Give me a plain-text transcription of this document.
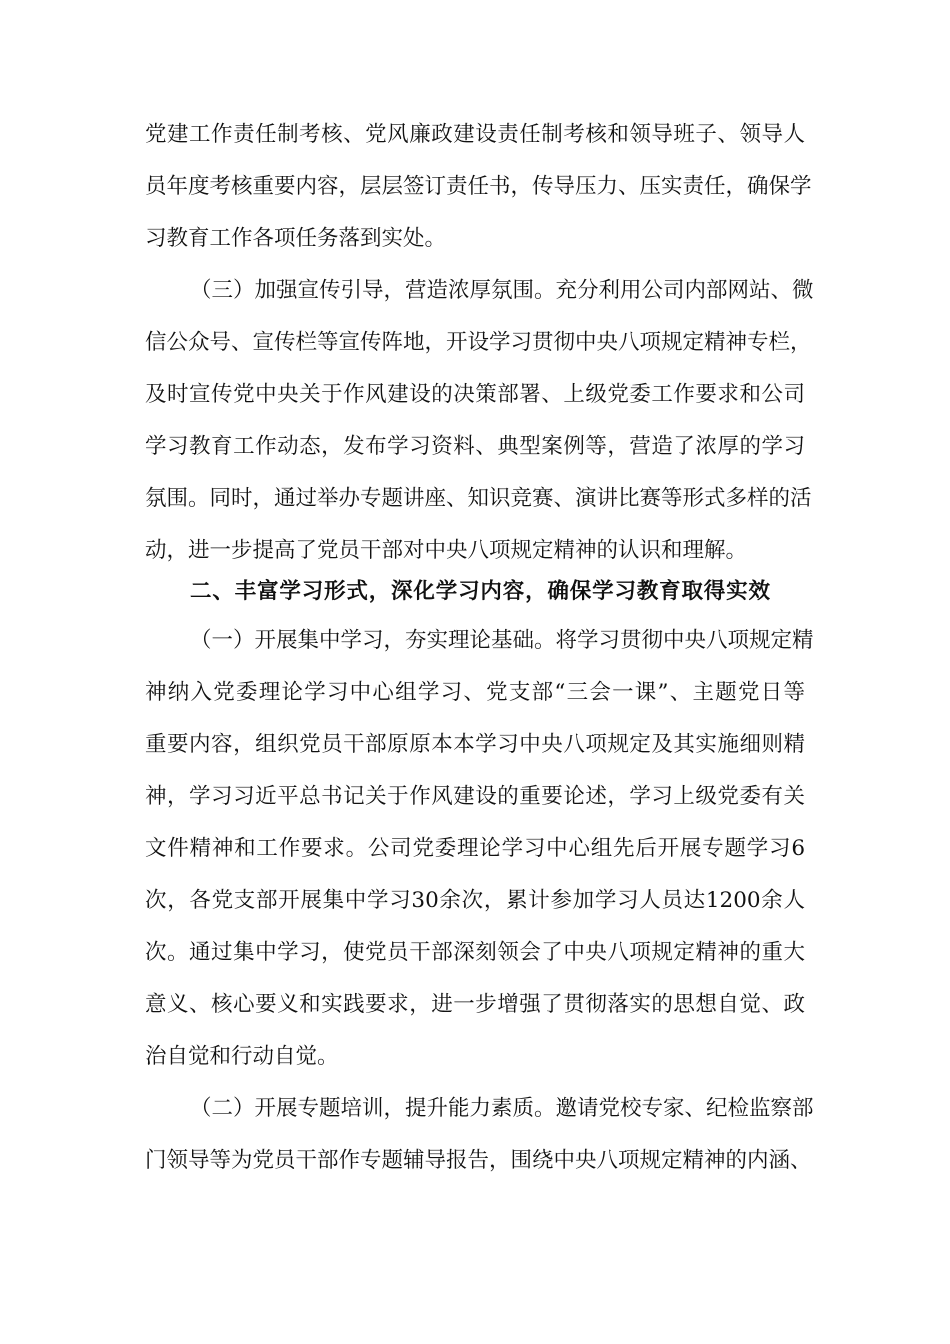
党建工作责任制考核、党风廉政建设责任制考核和领导班子、领导人
员年度考核重要内容，层层签订责任书，传导压力、压实责任，确保学
习教育工作各项任务落到实处。
（三）加强宣传引导，营造浓厚氛围。充分利用公司内部网站、微
信公众号、宣传栏等宣传阵地，开设学习贯彻中央八项规定精神专栏，
及时宣传党中央关于作风建设的决策部署、上级党委工作要求和公司
学习教育工作动态，发布学习资料、典型案例等，营造了浓厚的学习
氛围。同时，通过举办专题讲座、知识竞赛、演讲比赛等形式多样的活
动，进一步提高了党员干部对中央八项规定精神的认识和理解。
二、丰富学习形式，深化学习内容，确保学习教育取得实效
（一）开展集中学习，夯实理论基础。将学习贯彻中央八项规定精
神纳入党委理论学习中心组学习、党支部“三会一课”、主题党日等
重要内容，组织党员干部原原本本学习中央八项规定及其实施细则精
神，学习习近平总书记关于作风建设的重要论述，学习上级党委有关
文件精神和工作要求。公司党委理论学习中心组先后开展专题学习6
次，各党支部开展集中学习30余次，累计参加学习人员达1200余人
次。通过集中学习，使党员干部深刻领会了中央八项规定精神的重大
意义、核心要义和实践要求，进一步增强了贯彻落实的思想自觉、政
治自觉和行动自觉。
（二）开展专题培训，提升能力素质。邀请党校专家、纪检监察部
门领导等为党员干部作专题辅导报告，围绕中央八项规定精神的内涵、
